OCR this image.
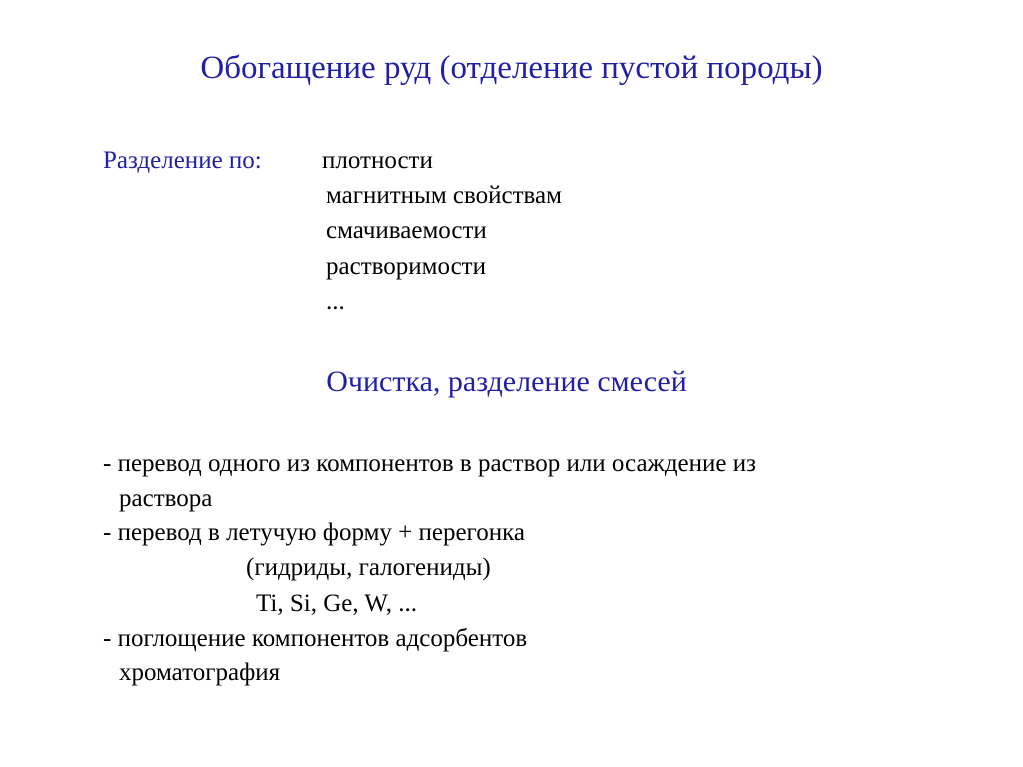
Обогащение руд (отделение пустой породы)
Разделение по: плотности
магнитным свойствам
смачиваемости
растворимости
...
Очистка, разделение смесей
- перевод одного из компонентов в раствор или осаждение из
раствора
- перевод в летучую форму + перегонка
(гидриды, галогениды)
Ti, Si, Ge, W, ...
- поглощение компонентов адсорбентов
хроматография
